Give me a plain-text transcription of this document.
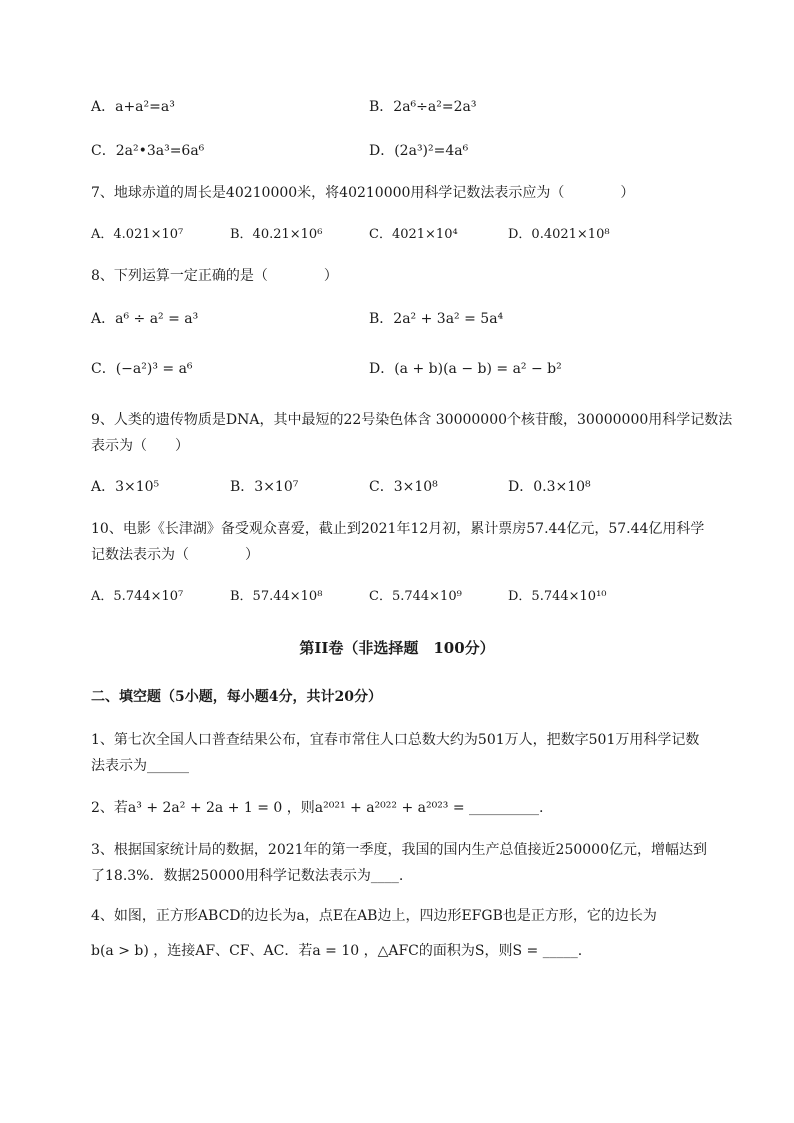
A．a+a²=a³	B．2a⁶÷a²=2a³
C．2a²•3a³=6a⁶	D．(2a³)²=4a⁶
7、地球赤道的周长是40210000米，将40210000用科学记数法表示应为（　　　　）
A．4.021×10⁷	B．40.21×10⁶	C．4021×10⁴	D．0.4021×10⁸
8、下列运算一定正确的是（　　　　）
A．a⁶ ÷ a² = a³	B．2a² + 3a² = 5a⁴
C．(−a²)³ = a⁶	D．(a + b)(a − b) = a² − b²
9、人类的遗传物质是DNA，其中最短的22号染色体含 30000000个核苷酸，30000000用科学记数法
表示为（　　）
A．3×10⁵	B．3×10⁷	C．3×10⁸	D．0.3×10⁸
10、电影《长津湖》备受观众喜爱，截止到2021年12月初，累计票房57.44亿元，57.44亿用科学
记数法表示为（　　　　）
A．5.744×10⁷	B．57.44×10⁸	C．5.744×10⁹	D．5.744×10¹⁰
第II卷（非选择题　100分）
二、填空题（5小题，每小题4分，共计20分）
1、第七次全国人口普查结果公布，宜春市常住人口总数大约为501万人，把数字501万用科学记数
法表示为______
2、若a³ + 2a² + 2a + 1 = 0 ，则a²⁰²¹ + a²⁰²² + a²⁰²³ = __________.
3、根据国家统计局的数据，2021年的第一季度，我国的国内生产总值接近250000亿元，增幅达到
了18.3%．数据250000用科学记数法表示为____.
4、如图，正方形ABCD的边长为a，点E在AB边上，四边形EFGB也是正方形，它的边长为
b(a > b) ，连接AF、CF、AC．若a = 10 ，△AFC的面积为S，则S = _____.
